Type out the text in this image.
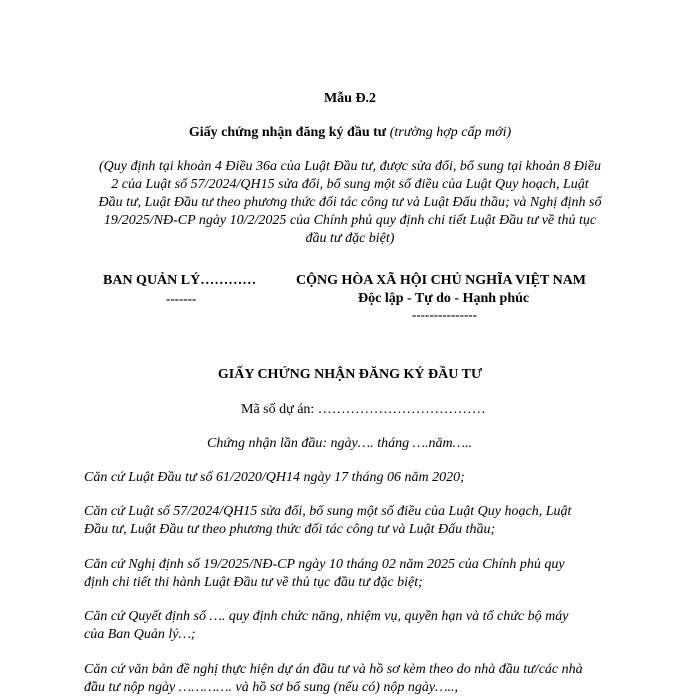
Mẫu Đ.2
Giấy chứng nhận đăng ký đầu tư (trường hợp cấp mới)
(Quy định tại khoản 4 Điều 36a của Luật Đầu tư, được sửa đổi, bổ sung tại khoản 8 Điều
2 của Luật số 57/2024/QH15 sửa đổi, bổ sung một số điều của Luật Quy hoạch, Luật
Đầu tư, Luật Đầu tư theo phương thức đối tác công tư và Luật Đấu thầu; và Nghị định số
19/2025/NĐ-CP ngày 10/2/2025 của Chính phủ quy định chi tiết Luật Đầu tư về thủ tục
đầu tư đặc biệt)
BAN QUẢN LÝ…………
-------
CỘNG HÒA XÃ HỘI CHỦ NGHĨA VIỆT NAM
Độc lập - Tự do - Hạnh phúc
---------------
GIẤY CHỨNG NHẬN ĐĂNG KÝ ĐẦU TƯ
Mã số dự án: ………………………………
Chứng nhận lần đầu: ngày…. tháng ….năm…..
Căn cứ Luật Đầu tư số 61/2020/QH14 ngày 17 tháng 06 năm 2020;
Căn cứ Luật số 57/2024/QH15 sửa đổi, bổ sung một số điều của Luật Quy hoạch, Luật
Đầu tư, Luật Đầu tư theo phương thức đối tác công tư và Luật Đấu thầu;
Căn cứ Nghị định số 19/2025/NĐ-CP ngày 10 tháng 02 năm 2025 của Chính phủ quy
định chi tiết thi hành Luật Đầu tư về thủ tục đầu tư đặc biệt;
Căn cứ Quyết định số …. quy định chức năng, nhiệm vụ, quyền hạn và tổ chức bộ máy
của Ban Quản lý…;
Căn cứ văn bản đề nghị thực hiện dự án đầu tư và hồ sơ kèm theo do nhà đầu tư/các nhà
đầu tư nộp ngày …………. và hồ sơ bổ sung (nếu có) nộp ngày…..,
